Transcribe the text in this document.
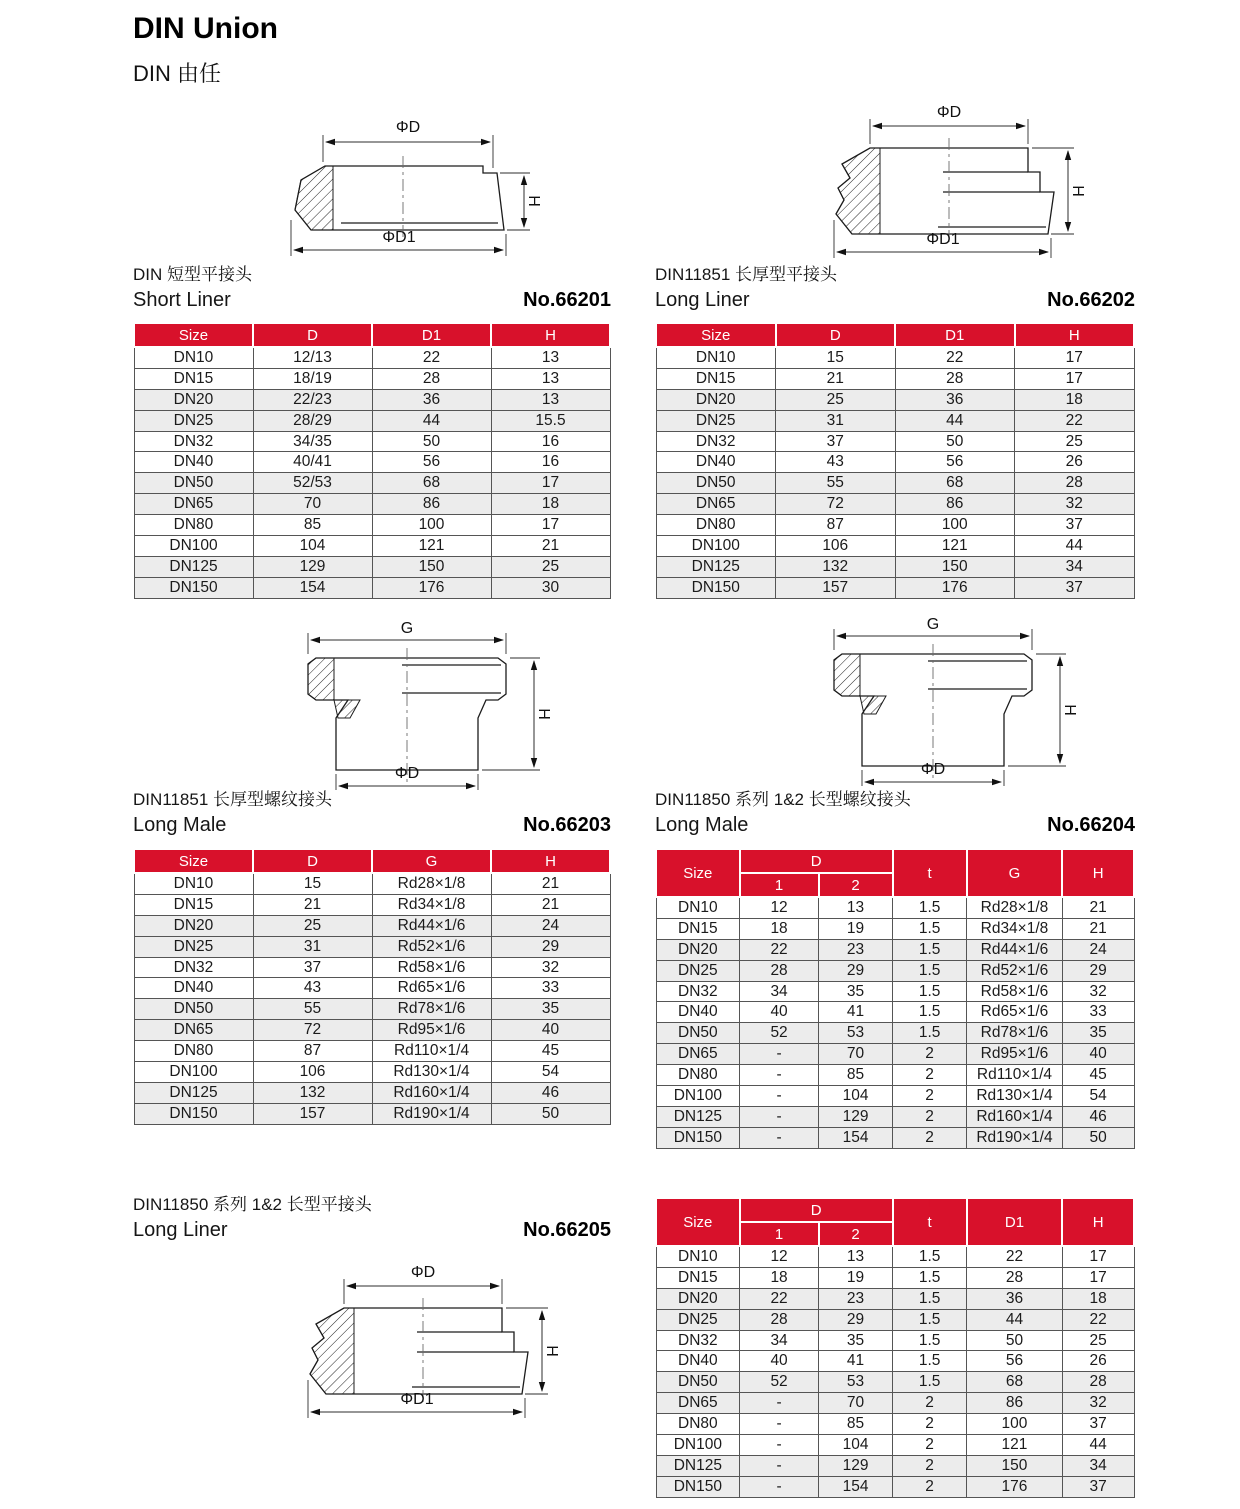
DIN Union
DIN 由任
ΦD
ΦD1
H
ΦD
ΦD1
H
DIN 短型平接头
Short Liner	No.66201
Size	D	D1	H
DN10	12/13	22	13
DN15	18/19	28	13
DN20	22/23	36	13
DN25	28/29	44	15.5
DN32	34/35	50	16
DN40	40/41	56	16
DN50	52/53	68	17
DN65	70	86	18
DN80	85	100	17
DN100	104	121	21
DN125	129	150	25
DN150	154	176	30
DIN11851 长厚型平接头
Long Liner	No.66202
Size	D	D1	H
DN10	15	22	17
DN15	21	28	17
DN20	25	36	18
DN25	31	44	22
DN32	37	50	25
DN40	43	56	26
DN50	55	68	28
DN65	72	86	32
DN80	87	100	37
DN100	106	121	44
DN125	132	150	34
DN150	157	176	37
G
ΦD
H
G
ΦD
H
DIN11851 长厚型螺纹接头
Long Male	No.66203
Size	D	G	H
DN10	15	Rd28×1/8	21
DN15	21	Rd34×1/8	21
DN20	25	Rd44×1/6	24
DN25	31	Rd52×1/6	29
DN32	37	Rd58×1/6	32
DN40	43	Rd65×1/6	33
DN50	55	Rd78×1/6	35
DN65	72	Rd95×1/6	40
DN80	87	Rd110×1/4	45
DN100	106	Rd130×1/4	54
DN125	132	Rd160×1/4	46
DN150	157	Rd190×1/4	50
DIN11850 系列 1&2 长型螺纹接头
Long Male	No.66204
Size	D		t	G	H
	1	2			
DN10	12	13	1.5	Rd28×1/8	21
DN15	18	19	1.5	Rd34×1/8	21
DN20	22	23	1.5	Rd44×1/6	24
DN25	28	29	1.5	Rd52×1/6	29
DN32	34	35	1.5	Rd58×1/6	32
DN40	40	41	1.5	Rd65×1/6	33
DN50	52	53	1.5	Rd78×1/6	35
DN65	-	70	2	Rd95×1/6	40
DN80	-	85	2	Rd110×1/4	45
DN100	-	104	2	Rd130×1/4	54
DN125	-	129	2	Rd160×1/4	46
DN150	-	154	2	Rd190×1/4	50
DIN11850 系列 1&2 长型平接头
Long Liner	No.66205
ΦD
ΦD1
H
Size	D		t	D1	H
	1	2			
DN10	12	13	1.5	22	17
DN15	18	19	1.5	28	17
DN20	22	23	1.5	36	18
DN25	28	29	1.5	44	22
DN32	34	35	1.5	50	25
DN40	40	41	1.5	56	26
DN50	52	53	1.5	68	28
DN65	-	70	2	86	32
DN80	-	85	2	100	37
DN100	-	104	2	121	44
DN125	-	129	2	150	34
DN150	-	154	2	176	37
